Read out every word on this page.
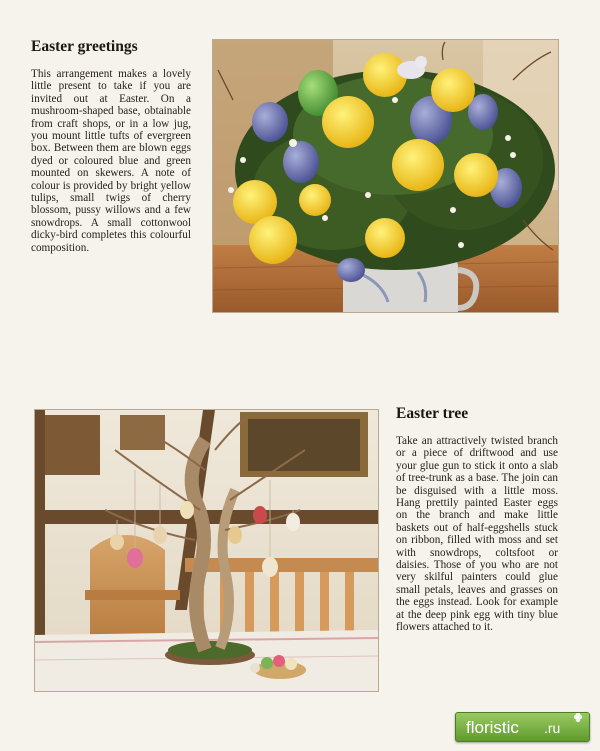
Easter greetings

This arrangement makes a lovely little present to take if you are invited out at Easter. On a mushroom-shaped base, obtainable from craft shops, or in a low jug, you mount little tufts of evergreen box. Between them are blown eggs dyed or coloured blue and green mounted on skewers. A note of colour is provided by bright yellow tulips, small twigs of cherry blossom, pussy willows and a few snowdrops. A small cottonwool dicky-bird completes this colourful composition.

Easter tree

Take an attractively twisted branch or a piece of driftwood and use your glue gun to stick it onto a slab of tree-trunk as a base. The join can be disguised with a little moss. Hang prettily painted Easter eggs on the branch and make little baskets out of half-eggshells stuck on ribbon, filled with moss and set with snowdrops, coltsfoot or daisies. Those of you who are not very skilful painters could glue small petals, leaves and grasses on the eggs instead. Look for example at the deep pink egg with tiny blue flowers attached to it.

floristic .ru
